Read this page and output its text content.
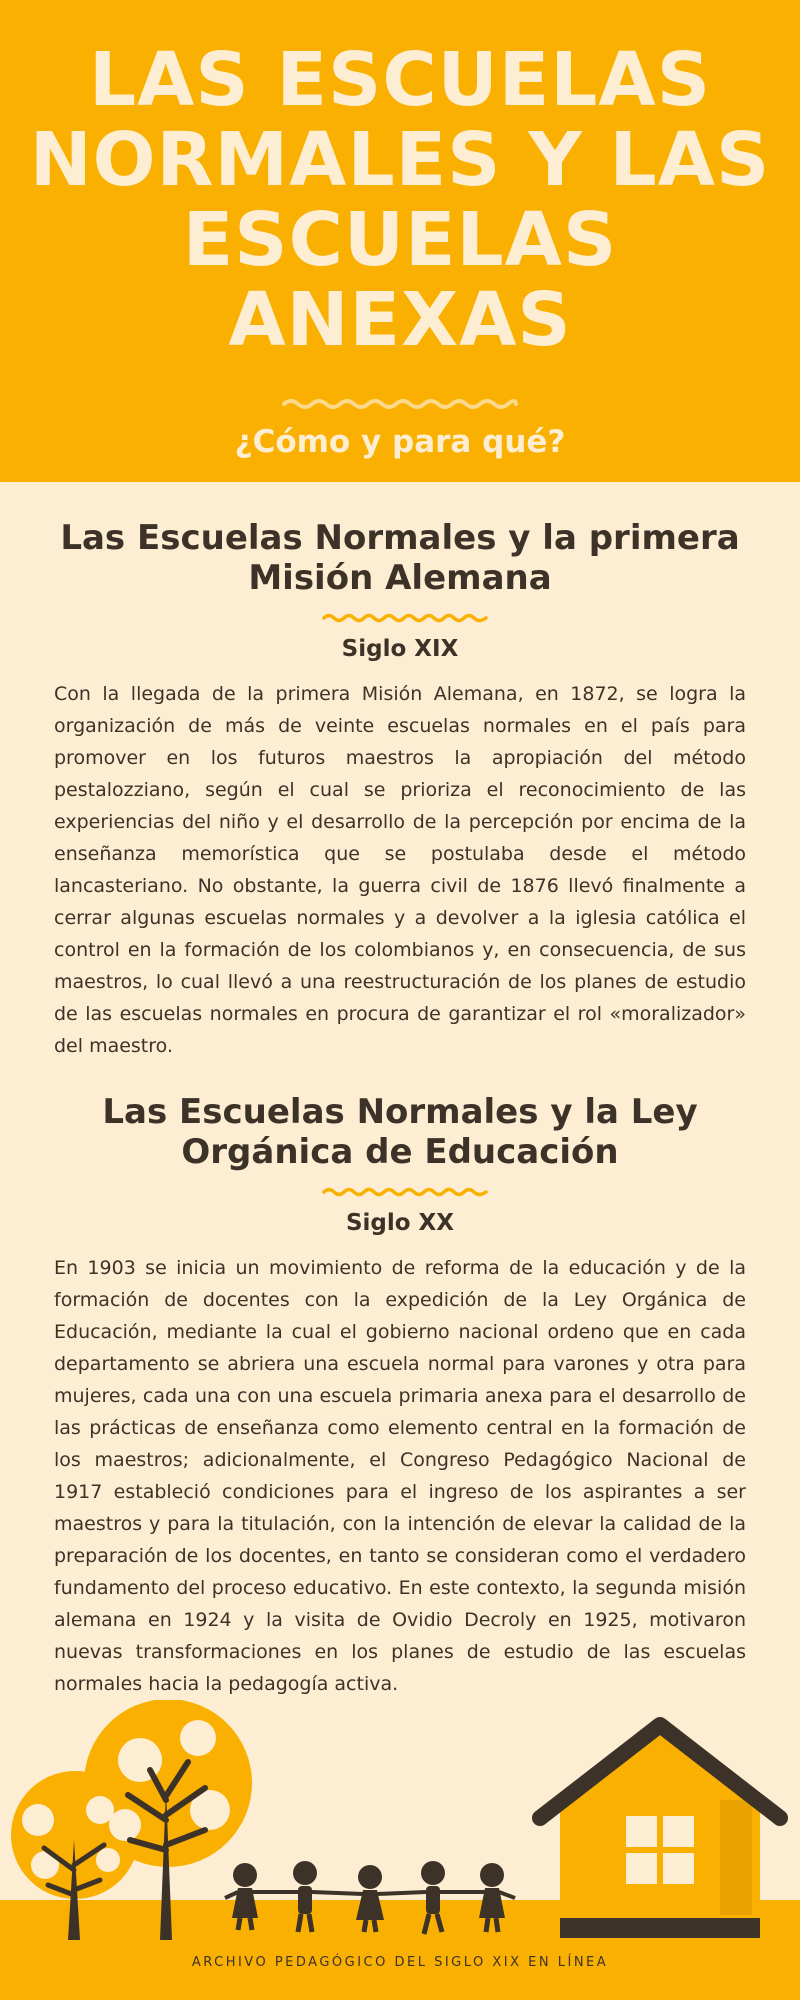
LAS ESCUELAS NORMALES Y LAS ESCUELAS ANEXAS

¿Cómo y para qué?

Las Escuelas Normales y la primera Misión Alemana

Siglo XIX

Con la llegada de la primera Misión Alemana, en 1872, se logra la organización de más de veinte escuelas normales en el país para promover en los futuros maestros la apropiación del método pestalozziano, según el cual se prioriza el reconocimiento de las experiencias del niño y el desarrollo de la percepción por encima de la enseñanza memorística que se postulaba desde el método lancasteriano. No obstante, la guerra civil de 1876 llevó finalmente a cerrar algunas escuelas normales y a devolver a la iglesia católica el control en la formación de los colombianos y, en consecuencia, de sus maestros, lo cual llevó a una reestructuración de los planes de estudio de las escuelas normales en procura de garantizar el rol «moralizador» del maestro.

Las Escuelas Normales y la Ley Orgánica de Educación

Siglo XX

En 1903 se inicia un movimiento de reforma de la educación y de la formación de docentes con la expedición de la Ley Orgánica de Educación, mediante la cual el gobierno nacional ordeno que en cada departamento se abriera una escuela normal para varones y otra para mujeres, cada una con una escuela primaria anexa para el desarrollo de las prácticas de enseñanza como elemento central en la formación de los maestros; adicionalmente, el Congreso Pedagógico Nacional de 1917 estableció condiciones para el ingreso de los aspirantes a ser maestros y para la titulación, con la intención de elevar la calidad de la preparación de los docentes, en tanto se consideran como el verdadero fundamento del proceso educativo. En este contexto, la segunda misión alemana en 1924 y la visita de Ovidio Decroly en 1925, motivaron nuevas transformaciones en los planes de estudio de las escuelas normales hacia la pedagogía activa.

ARCHIVO PEDAGÓGICO DEL SIGLO XIX EN LÍNEA
